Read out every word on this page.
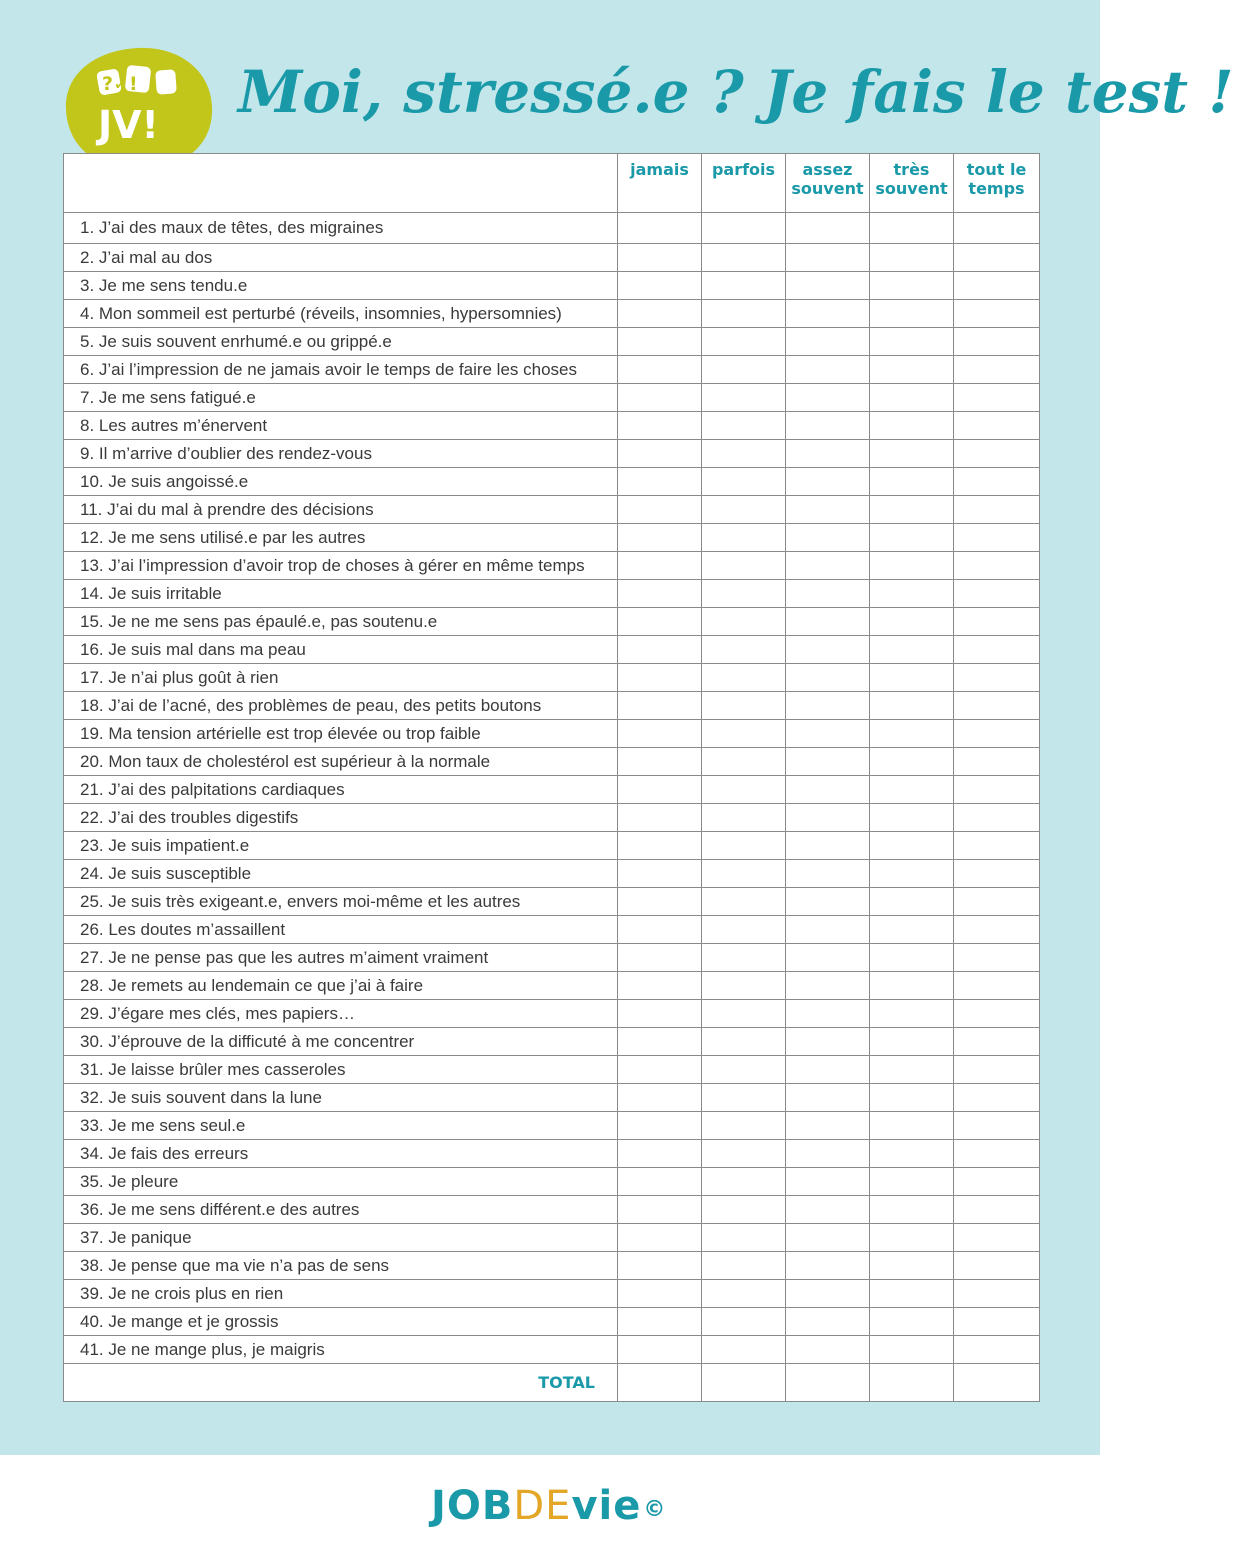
?✓!
JV! Moi, stressé.e ? Je fais le test !
	jamais	parfois	assez souvent	très souvent	tout le temps
1. J’ai des maux de têtes, des migraines					
2. J’ai mal au dos					
3. Je me sens tendu.e					
4. Mon sommeil est perturbé (réveils, insomnies, hypersomnies)					
5. Je suis souvent enrhumé.e ou grippé.e					
6. J’ai l’impression de ne jamais avoir le temps de faire les choses					
7. Je me sens fatigué.e					
8. Les autres m’énervent					
9. Il m’arrive d’oublier des rendez-vous					
10. Je suis angoissé.e					
11. J’ai du mal à prendre des décisions					
12. Je me sens utilisé.e par les autres					
13. J’ai l’impression d’avoir trop de choses à gérer en même temps					
14. Je suis irritable					
15. Je ne me sens pas épaulé.e, pas soutenu.e					
16. Je suis mal dans ma peau					
17. Je n’ai plus goût à rien					
18. J’ai de l’acné, des problèmes de peau, des petits boutons					
19. Ma tension artérielle est trop élevée ou trop faible					
20. Mon taux de cholestérol est supérieur à la normale					
21. J’ai des palpitations cardiaques					
22. J’ai des troubles digestifs					
23. Je suis impatient.e					
24. Je suis susceptible					
25. Je suis très exigeant.e, envers moi-même et les autres					
26. Les doutes m’assaillent					
27. Je ne pense pas que les autres m’aiment vraiment					
28. Je remets au lendemain ce que j’ai à faire					
29. J’égare mes clés, mes papiers…					
30. J’éprouve de la difficuté à me concentrer					
31. Je laisse brûler mes casseroles					
32. Je suis souvent dans la lune					
33. Je me sens seul.e					
34. Je fais des erreurs					
35. Je pleure					
36. Je me sens différent.e des autres					
37. Je panique					
38. Je pense que ma vie n’a pas de sens					
39. Je ne crois plus en rien					
40. Je mange et je grossis					
41. Je ne mange plus, je maigris					
TOTAL					
JOBDEvie©
